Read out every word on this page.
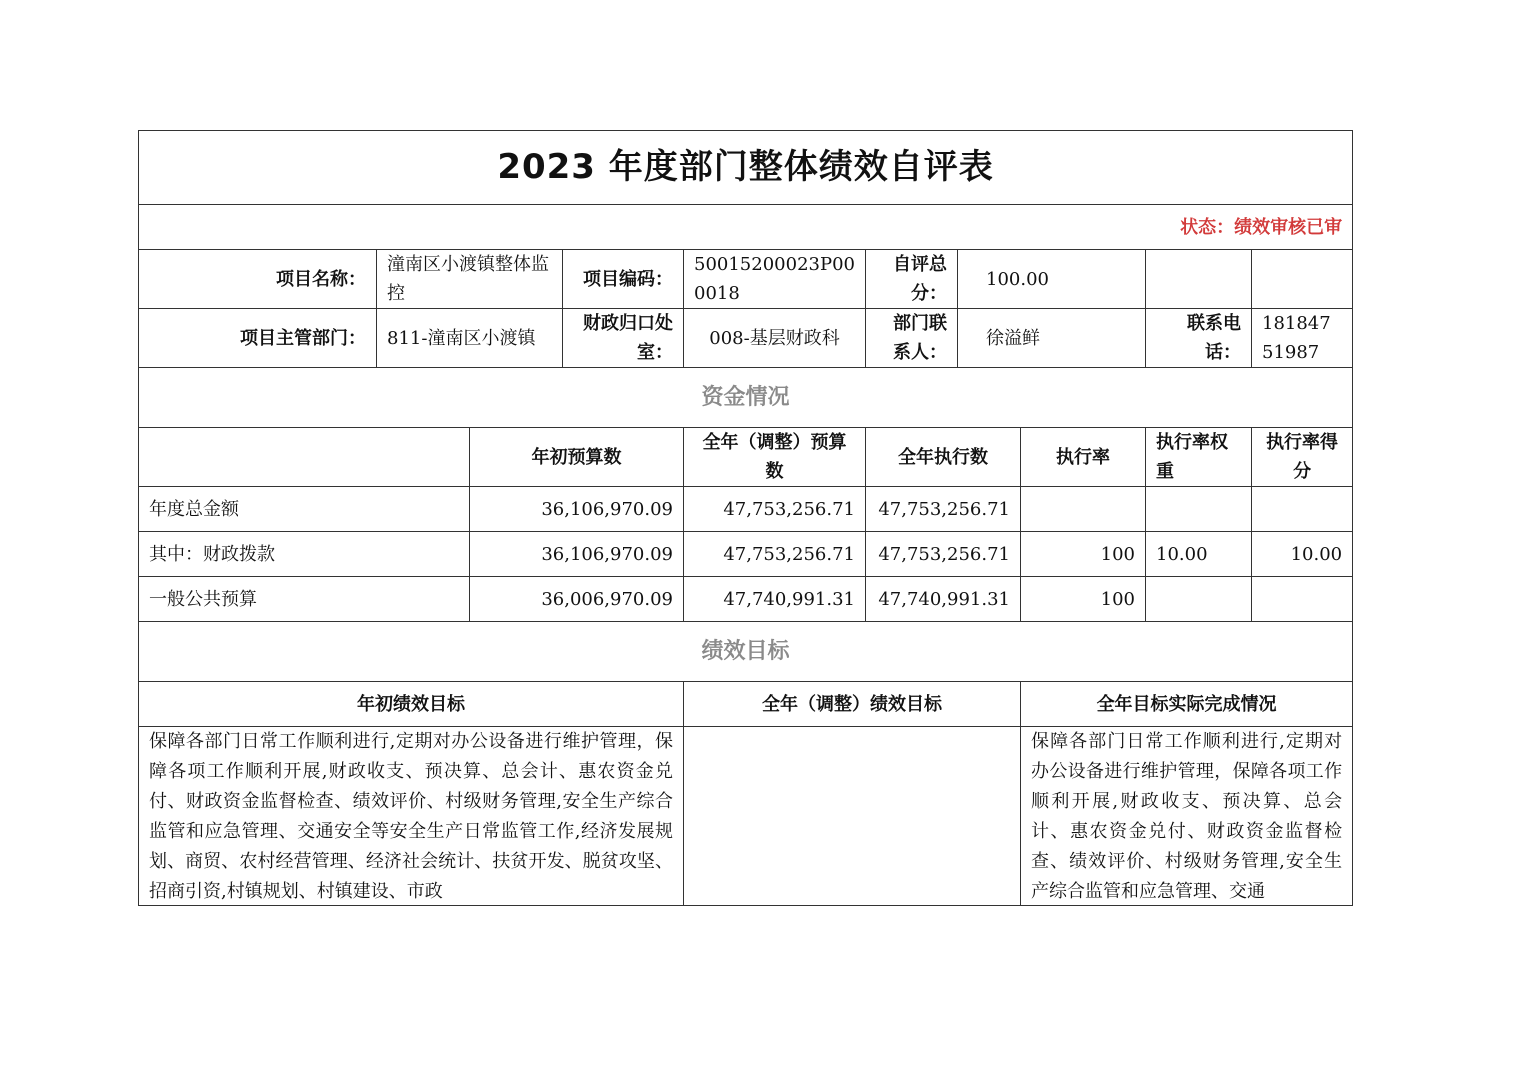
2023 年度部门整体绩效自评表									
状态：绩效审核已审									
项目名称：	潼南区小渡镇整体监控		项目编码：	50015200023P000018	自评总分：	100.00			
项目主管部门：	811-潼南区小渡镇		财政归口处室：	008-基层财政科	部门联系人：	徐溢鲜		联系电话：	18184751987
资金情况									
		年初预算数		全年（调整）预算数	全年执行数		执行率	执行率权重	执行率得分
年度总金额		36,106,970.09		47,753,256.71	47,753,256.71				
其中：财政拨款		36,106,970.09		47,753,256.71	47,753,256.71		100	10.00	10.00
一般公共预算		36,006,970.09		47,740,991.31	47,740,991.31		100		
绩效目标									
年初绩效目标				全年（调整）绩效目标			全年目标实际完成情况		

保障各部门日常工作顺利进行,定期对办公设备进行维护管理，保障各项工作顺利开展,财政收支、预决算、总会计、惠农资金兑付、财政资金监督检查、绩效评价、村级财务管理,安全生产综合监管和应急管理、交通安全等安全生产日常监管工作,经济发展规划、商贸、农村经营管理、经济社会统计、扶贫开发、脱贫攻坚、招商引资,村镇规划、村镇建设、市政							保障各部门日常工作顺利进行,定期对办公设备进行维护管理，保障各项工作顺利开展,财政收支、预决算、总会计、惠农资金兑付、财政资金监督检查、绩效评价、村级财务管理,安全生产综合监管和应急管理、交通		
